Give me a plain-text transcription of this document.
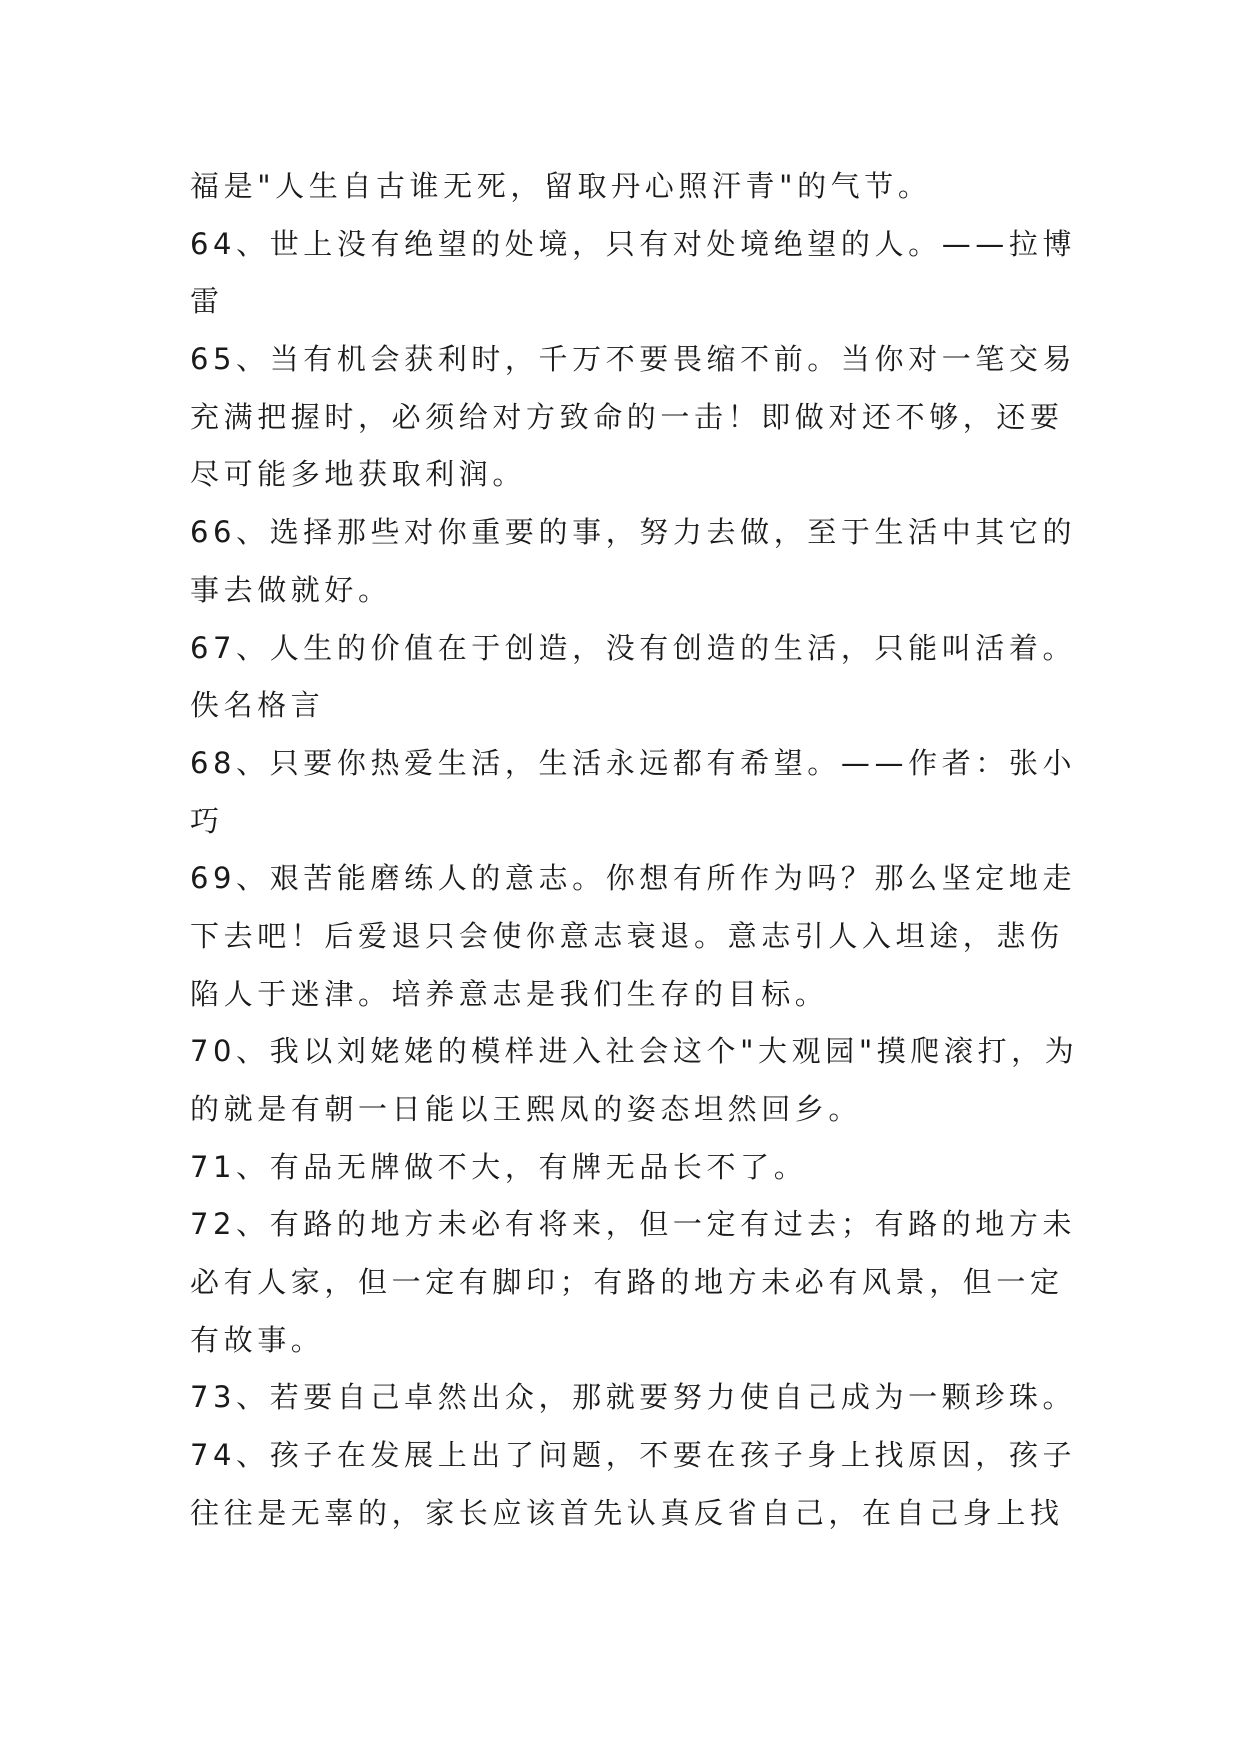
福是"人生自古谁无死，留取丹心照汗青"的气节。
64、世上没有绝望的处境，只有对处境绝望的人。——拉博
雷
65、当有机会获利时，千万不要畏缩不前。当你对一笔交易
充满把握时，必须给对方致命的一击！即做对还不够，还要
尽可能多地获取利润。
66、选择那些对你重要的事，努力去做，至于生活中其它的
事去做就好。
67、人生的价值在于创造，没有创造的生活，只能叫活着。
佚名格言
68、只要你热爱生活，生活永远都有希望。——作者：张小
巧
69、艰苦能磨练人的意志。你想有所作为吗？那么坚定地走
下去吧！后爱退只会使你意志衰退。意志引人入坦途，悲伤
陷人于迷津。培养意志是我们生存的目标。
70、我以刘姥姥的模样进入社会这个"大观园"摸爬滚打，为
的就是有朝一日能以王熙凤的姿态坦然回乡。
71、有品无牌做不大，有牌无品长不了。
72、有路的地方未必有将来，但一定有过去；有路的地方未
必有人家，但一定有脚印；有路的地方未必有风景，但一定
有故事。
73、若要自己卓然出众，那就要努力使自己成为一颗珍珠。
74、孩子在发展上出了问题，不要在孩子身上找原因，孩子
往往是无辜的，家长应该首先认真反省自己，在自己身上找
